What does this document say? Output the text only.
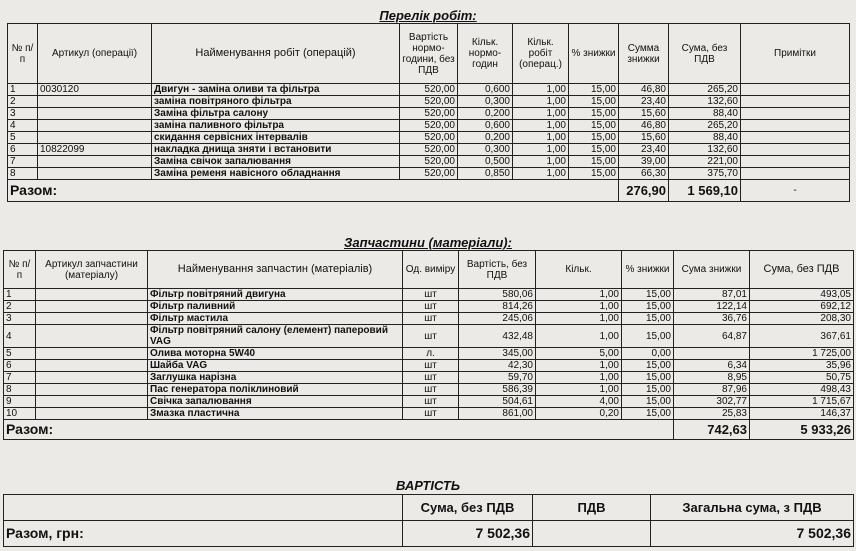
Перелік робіт:
№ п/п	Артикул (операції)	Найменування робіт (операцій)	Вартість нормо-години, без ПДВ	Кільк. нормо-годин	Кільк. робіт (операц.)	% знижки	Сумма знижки	Сума, без ПДВ	Примітки
1	0030120	Двигун - заміна оливи та фільтра	520,00	0,600	1,00	15,00	46,80	265,20	
2		заміна повітряного фільтра	520,00	0,300	1,00	15,00	23,40	132,60	
3		Заміна фільтра салону	520,00	0,200	1,00	15,00	15,60	88,40	
4		заміна паливного фільтра	520,00	0,600	1,00	15,00	46,80	265,20	
5		скидання сервісних інтервалів	520,00	0,200	1,00	15,00	15,60	88,40	
6	10822099	накладка днища зняти і встановити	520,00	0,300	1,00	15,00	23,40	132,60	
7		Заміна свічок запалювання	520,00	0,500	1,00	15,00	39,00	221,00	
8		Заміна ременя навісного обладнання	520,00	0,850	1,00	15,00	66,30	375,70	
Разом:							276,90	1 569,10	-
Запчастини (матеріали):
№ п/п	Артикул запчастини (матеріалу)	Найменування запчастин (матеріалів)	Од. виміру	Вартість, без ПДВ	Кільк.	% знижки	Сума знижки	Сума, без ПДВ
1		Фільтр повітряний двигуна	шт	580,06	1,00	15,00	87,01	493,05
2		Фільтр паливний	шт	814,26	1,00	15,00	122,14	692,12
3		Фільтр мастила	шт	245,06	1,00	15,00	36,76	208,30
4		Фільтр повітряний салону (елемент) паперовий VAG	шт	432,48	1,00	15,00	64,87	367,61
5		Олива моторна 5W40	л.	345,00	5,00	0,00		1 725,00
6		Шайба VAG	шт	42,30	1,00	15,00	6,34	35,96
7		Заглушка нарізна	шт	59,70	1,00	15,00	8,95	50,75
8		Пас генератора поліклиновий	шт	586,39	1,00	15,00	87,96	498,43
9		Свічка запалювання	шт	504,61	4,00	15,00	302,77	1 715,67
10		Змазка пластична	шт	861,00	0,20	15,00	25,83	146,37
Разом:							742,63	5 933,26
ВАРТІСТЬ
	Сума, без ПДВ	ПДВ	Загальна сума, з ПДВ
Разом, грн:	7 502,36		7 502,36
